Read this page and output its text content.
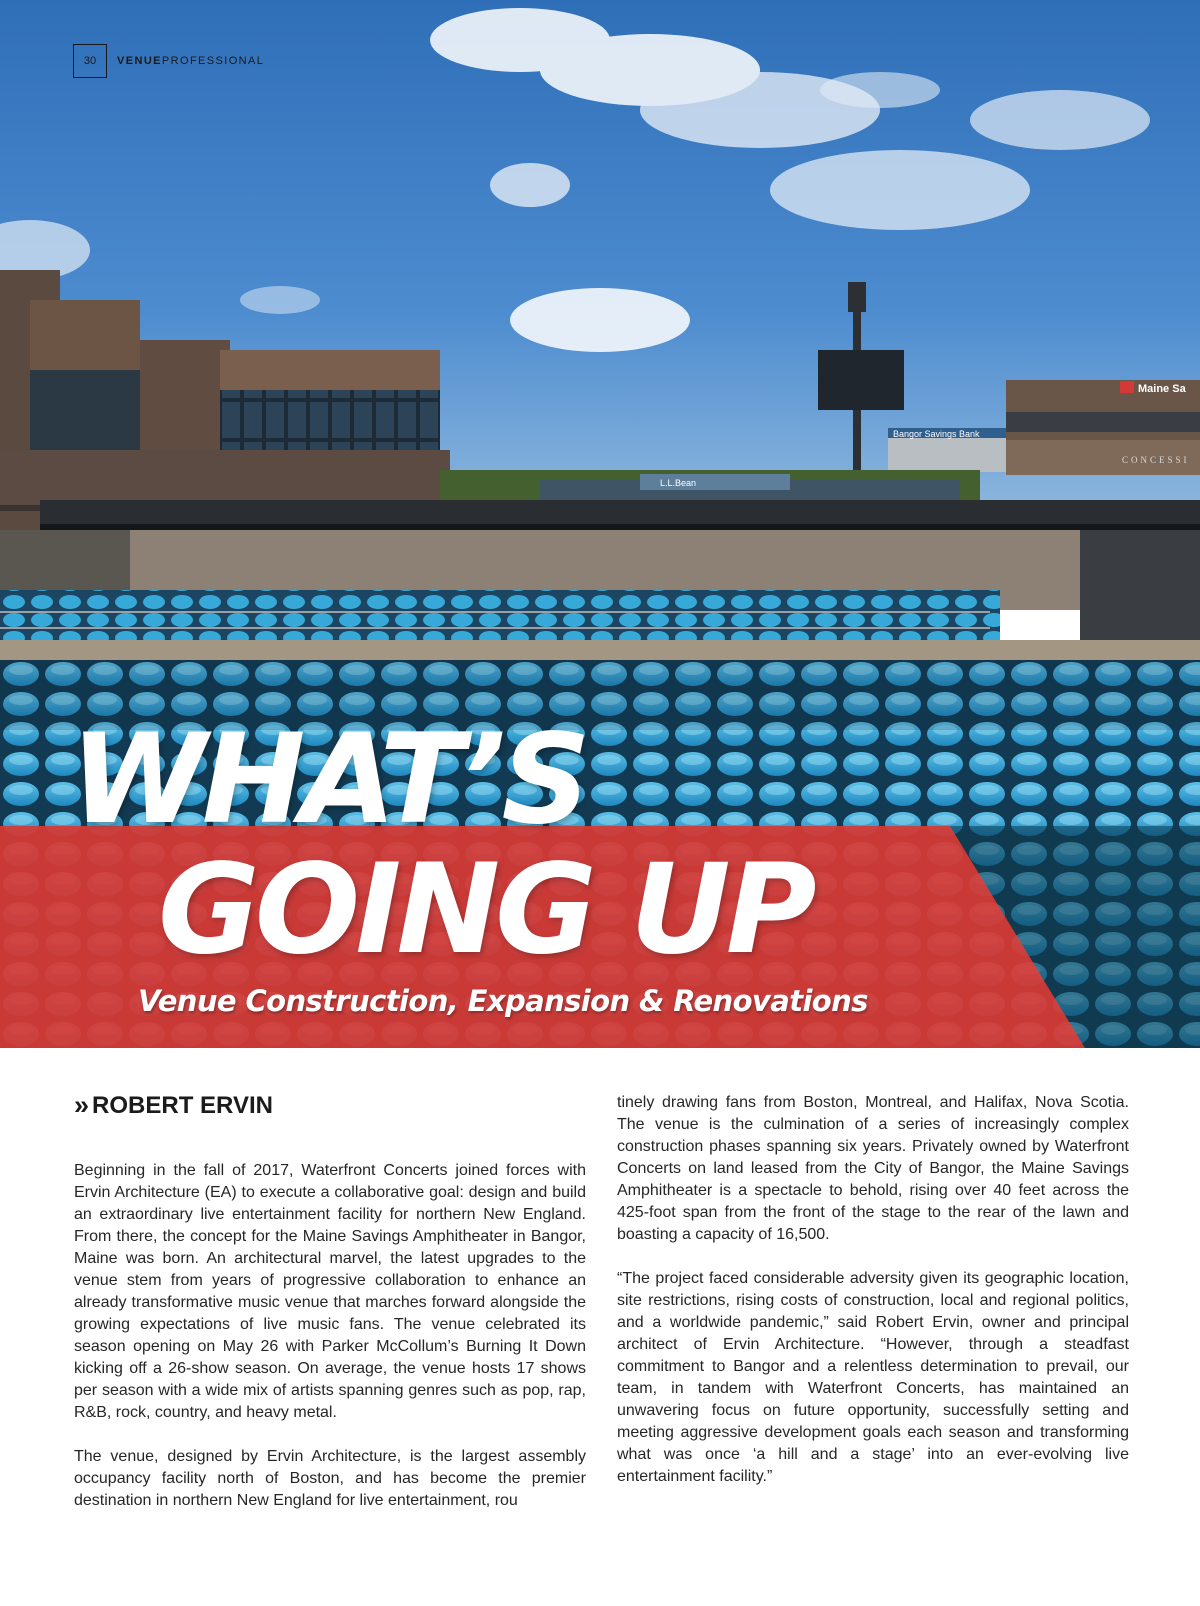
Bangor Savings Bank
Maine Sa
CONCESSI
L.L.Bean
30	VENUEPROFESSIONAL
WHAT’S
GOING UP
Venue Construction, Expansion & Renovations
» ROBERT ERVIN

Beginning in the fall of 2017, Waterfront Concerts joined forces with Ervin Architecture (EA) to execute a collaborative goal: design and build an extraordinary live entertainment facility for northern New England. From there, the concept for the Maine Savings Amphitheater in Bangor, Maine was born. An architectural marvel, the latest upgrades to the venue stem from years of progressive collaboration to enhance an already transformative music venue that marches forward alongside the growing expectations of live music fans. The venue celebrated its season opening on May 26 with Parker McCollum’s Burning It Down kicking off a 26-show season. On average, the venue hosts 17 shows per season with a wide mix of artists spanning genres such as pop, rap, R&B, rock, country, and heavy metal.

The venue, designed by Ervin Architecture, is the largest assembly occupancy facility north of Boston, and has become the premier destination in northern New England for live entertainment, rou

tinely drawing fans from Boston, Montreal, and Halifax, Nova Scotia. The venue is the culmination of a series of increasingly complex construction phases spanning six years. Privately owned by Waterfront Concerts on land leased from the City of Bangor, the Maine Savings Amphitheater is a spectacle to behold, rising over 40 feet across the 425-foot span from the front of the stage to the rear of the lawn and boasting a capacity of 16,500.

“The project faced considerable adversity given its geographic location, site restrictions, rising costs of construction, local and regional politics, and a worldwide pandemic,” said Robert Ervin, owner and principal architect of Ervin Architecture. “However, through a steadfast commitment to Bangor and a relentless determination to prevail, our team, in tandem with Waterfront Concerts, has maintained an unwavering focus on future opportunity, successfully setting and meeting aggressive development goals each season and transforming what was once ‘a hill and a stage’ into an ever-evolving live entertainment facility.”
